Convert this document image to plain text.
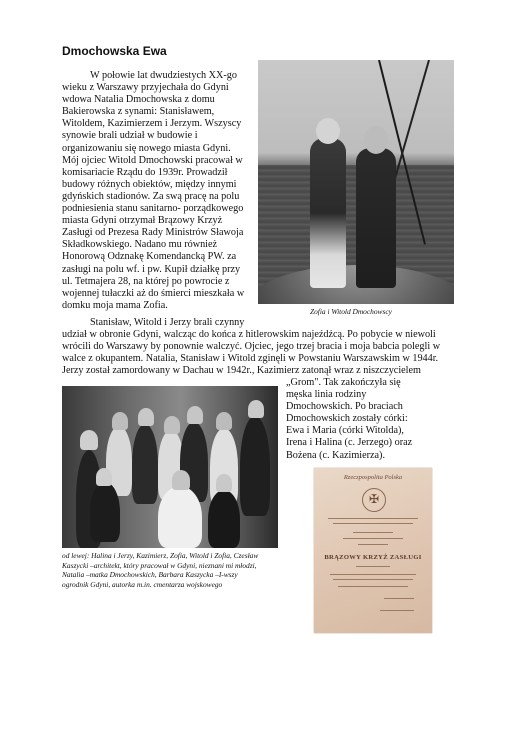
Dmochowska Ewa
W połowie lat dwudziestych XX-go
wieku z Warszawy przyjechała do Gdyni
wdowa Natalia Dmochowska z domu
Bakierowska z synami: Stanisławem,
Witoldem, Kazimierzem i Jerzym. Wszyscy
synowie brali udział w budowie i
organizowaniu się nowego miasta Gdyni.
Mój ojciec Witold Dmochowski pracował w
komisariacie Rządu do 1939r. Prowadził
budowy różnych obiektów, między innymi
gdyńskich stadionów. Za swą pracę na polu
podniesienia stanu sanitarno- porządkowego
miasta Gdyni otrzymał Brązowy Krzyż
Zasługi od Prezesa Rady Ministrów Sławoja
Składkowskiego. Nadano mu również
Honorową Odznakę Komendancką PW. za
zasługi na polu wf. i pw. Kupił działkę przy
ul. Tetmajera 28, na której po powrocie z
wojennej tułaczki aż do śmierci mieszkała w
domku moja mama Zofia.
Zofia i Witold Dmochowscy
Stanisław, Witold i Jerzy brali czynny
udział w obronie Gdyni, walcząc do końca z hitlerowskim najeźdźcą. Po pobycie w niewoli
wrócili do Warszawy by ponownie walczyć. Ojciec, jego trzej bracia i moja babcia polegli w
walce z okupantem. Natalia, Stanisław i Witold zginęli w Powstaniu Warszawskim w 1944r.
Jerzy został zamordowany w Dachau w 1942r., Kazimierz zatonął wraz z niszczycielem
„Grom". Tak zakończyła się
męska linia rodziny
Dmochowskich. Po braciach
Dmochowskich zostały córki:
Ewa i Maria (córki Witolda),
Irena i Halina (c. Jerzego) oraz
Bożena (c. Kazimierza).
od lewej: Halina i Jerzy, Kazimierz, Zofia, Witold i Zofia, Czesław
Kaszycki –architekt, który pracował w Gdyni, nieznani mi młodzi,
Natalia –matka Dmochowskich, Barbara Kaszycka –I-wszy
ogrodnik Gdyni, autorka m.in. cmentarza wojskowego
Rzeczpospolita Polska
✠
BRĄZOWY KRZYŻ ZASŁUGI
